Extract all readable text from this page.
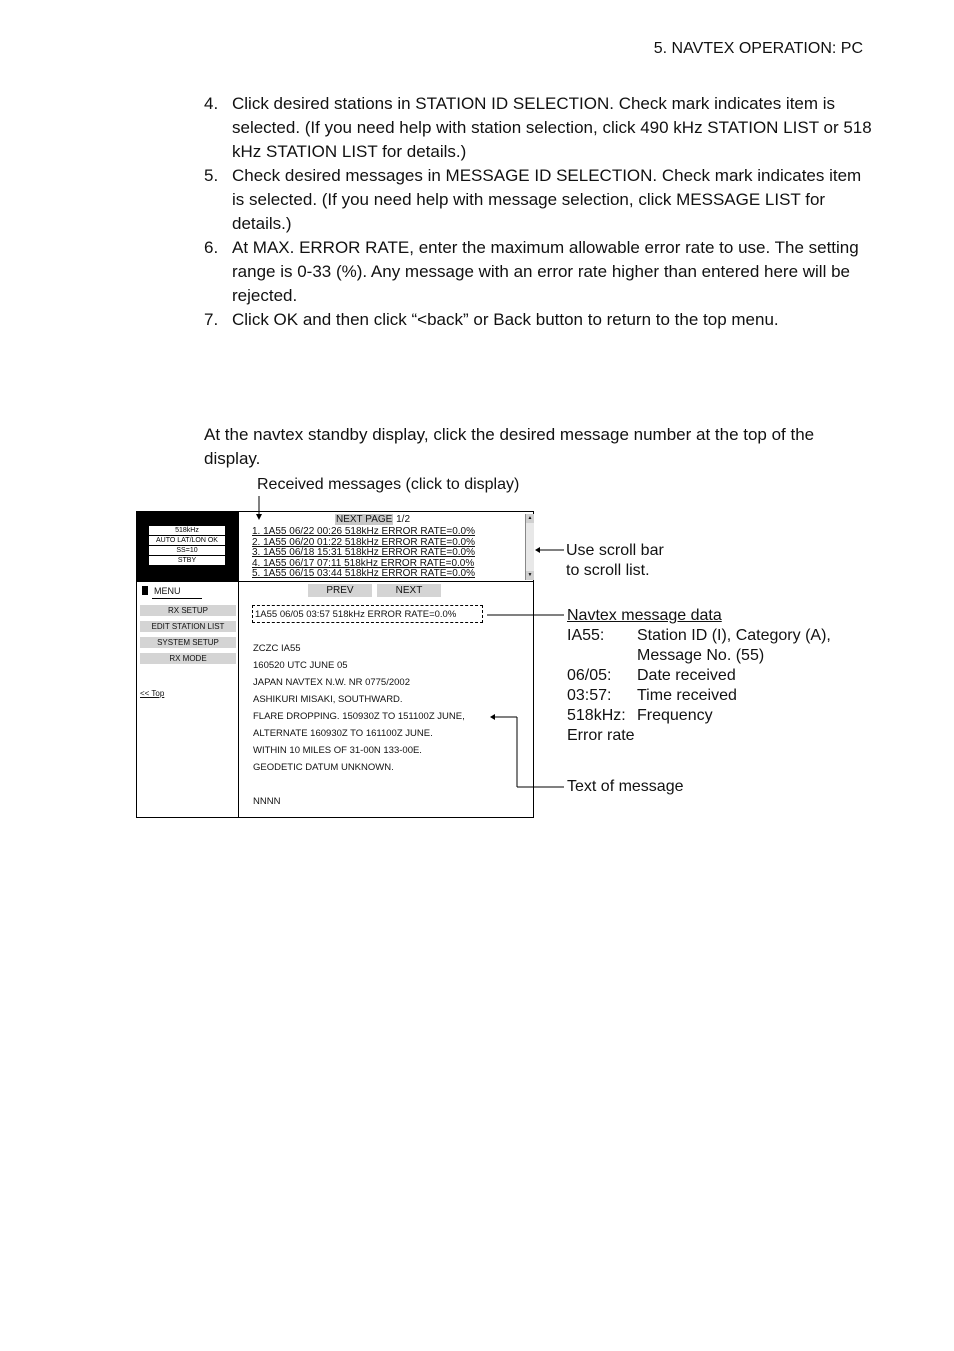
5. NAVTEX OPERATION: PC
4. Click desired stations in STATION ID SELECTION. Check mark indicates item is selected. (If you need help with station selection, click 490 kHz STATION LIST or 518 kHz STATION LIST for details.)
5. Check desired messages in MESSAGE ID SELECTION. Check mark indicates item is selected. (If you need help with message selection, click MESSAGE LIST for details.)
6. At MAX. ERROR RATE, enter the maximum allowable error rate to use. The setting range is 0-33 (%). Any message with an error rate higher than entered here will be rejected.
7. Click OK and then click “<back” or Back button to return to the top menu.
At the navtex standby display, click the desired message number at the top of the display.
Received messages (click to display)
Use scroll bar
to scroll list.
Text of message
518kHz
AUTO LAT/LON OK
SS=10
STBY
MENU
RX SETUP
EDIT STATION LIST
SYSTEM SETUP
RX MODE
<< Top
NEXT PAGE 1/2
1. 1A55 06/22 00:26 518kHz ERROR RATE=0.0%
2. 1A55 06/20 01:22 518kHz ERROR RATE=0.0%
3. 1A55 06/18 15:31 518kHz ERROR RATE=0.0%
4. 1A55 06/17 07:11 518kHz ERROR RATE=0.0%
5. 1A55 06/15 03:44 518kHz ERROR RATE=0.0%
▲
▼
PREV	NEXT
1A55 06/05 03:57 518kHz ERROR RATE=0.0%
ZCZC IA55
160520 UTC JUNE 05
JAPAN NAVTEX N.W. NR 0775/2002
ASHIKURI MISAKI, SOUTHWARD.
FLARE DROPPING. 150930Z TO 151100Z JUNE,
ALTERNATE 160930Z TO 161100Z JUNE.
WITHIN 10 MILES OF 31-00N 133-00E.
GEODETIC DATUM UNKNOWN.
NNNN
Navtex message data
IA55:	Station ID (I), Category (A),
Message No. (55)
06/05:	Date received
03:57:	Time received
518kHz: Frequency
Error rate
